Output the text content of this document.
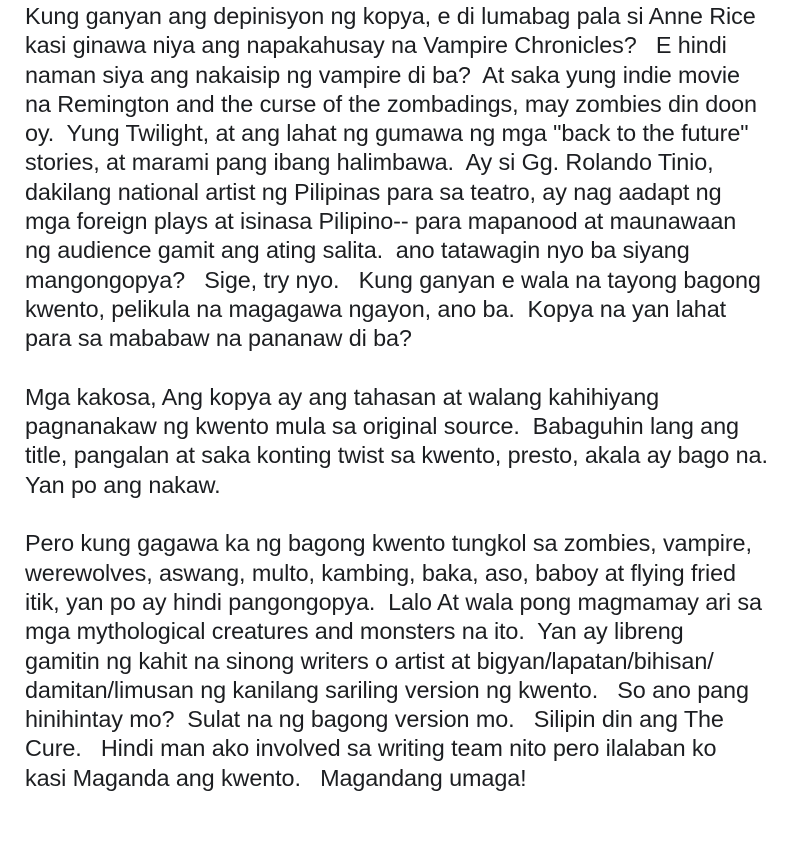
Kung ganyan ang depinisyon ng kopya, e di lumabag pala si Anne Rice
kasi ginawa niya ang napakahusay na Vampire Chronicles?   E hindi
naman siya ang nakaisip ng vampire di ba?  At saka yung indie movie
na Remington and the curse of the zombadings, may zombies din doon
oy.  Yung Twilight, at ang lahat ng gumawa ng mga "back to the future"
stories, at marami pang ibang halimbawa.  Ay si Gg. Rolando Tinio,
dakilang national artist ng Pilipinas para sa teatro, ay nag aadapt ng
mga foreign plays at isinasa Pilipino-- para mapanood at maunawaan
ng audience gamit ang ating salita.  ano tatawagin nyo ba siyang
mangongopya?   Sige, try nyo.   Kung ganyan e wala na tayong bagong
kwento, pelikula na magagawa ngayon, ano ba.  Kopya na yan lahat
para sa mababaw na pananaw di ba?
Mga kakosa, Ang kopya ay ang tahasan at walang kahihiyang
pagnanakaw ng kwento mula sa original source.  Babaguhin lang ang
title, pangalan at saka konting twist sa kwento, presto, akala ay bago na.
Yan po ang nakaw.
Pero kung gagawa ka ng bagong kwento tungkol sa zombies, vampire,
werewolves, aswang, multo, kambing, baka, aso, baboy at flying fried
itik, yan po ay hindi pangongopya.  Lalo At wala pong magmamay ari sa
mga mythological creatures and monsters na ito.  Yan ay libreng
gamitin ng kahit na sinong writers o artist at bigyan/lapatan/bihisan/
damitan/limusan ng kanilang sariling version ng kwento.   So ano pang
hinihintay mo?  Sulat na ng bagong version mo.   Silipin din ang The
Cure.   Hindi man ako involved sa writing team nito pero ilalaban ko
kasi Maganda ang kwento.   Magandang umaga!
